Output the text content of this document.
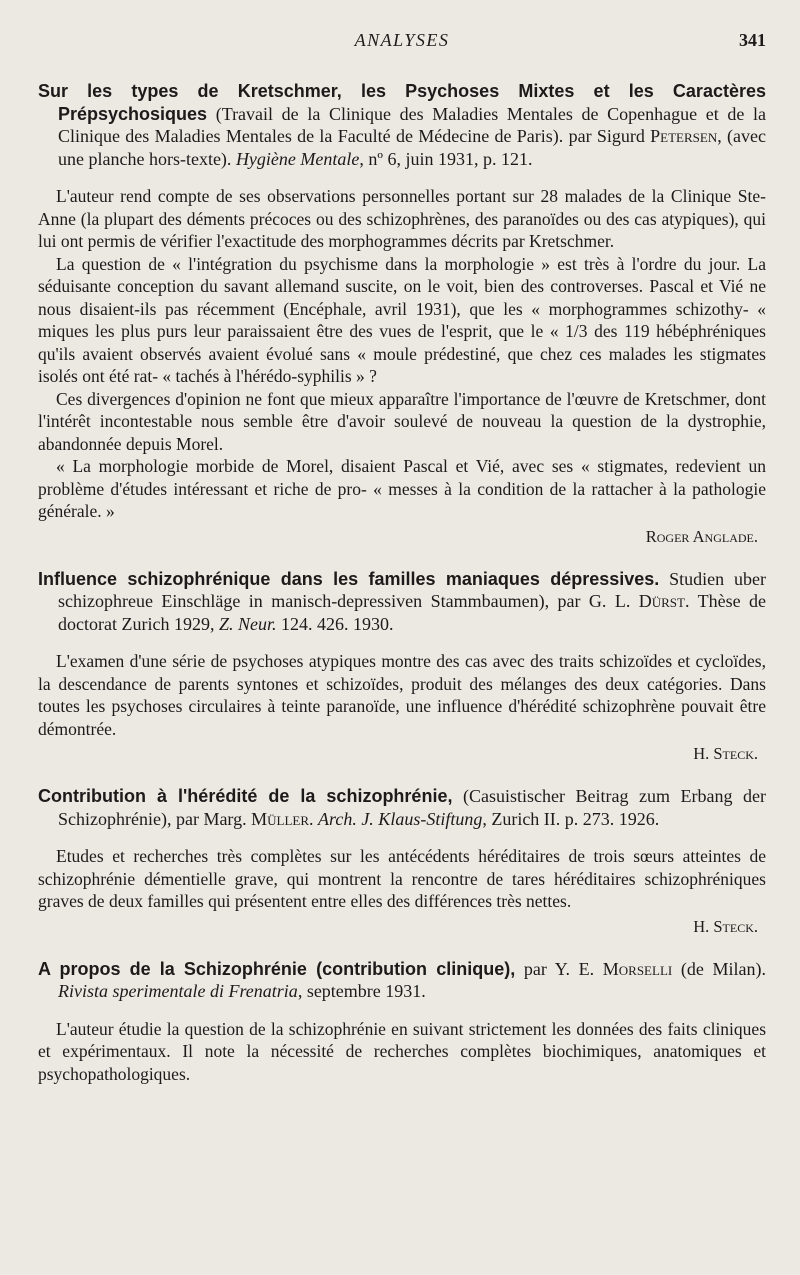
ANALYSES	341
Sur les types de Kretschmer, les Psychoses Mixtes et les Caractères Prépsychosiques (Travail de la Clinique des Maladies Mentales de Copenhague et de la Clinique des Maladies Mentales de la Faculté de Médecine de Paris). par Sigurd Petersen, (avec une planche hors-texte). Hygiène Mentale, nº 6, juin 1931, p. 121.

L'auteur rend compte de ses observations personnelles portant sur 28 malades de la Clinique Ste-Anne (la plupart des déments précoces ou des schizophrènes, des paranoïdes ou des cas atypiques), qui lui ont permis de vérifier l'exactitude des morphogrammes décrits par Kretschmer.

La question de « l'intégration du psychisme dans la morphologie » est très à l'ordre du jour. La séduisante conception du savant allemand suscite, on le voit, bien des controverses. Pascal et Vié ne nous disaient-ils pas récemment (Encéphale, avril 1931), que les « morphogrammes schizothy- « miques les plus purs leur paraissaient être des vues de l'esprit, que le « 1/3 des 119 hébéphréniques qu'ils avaient observés avaient évolué sans « moule prédestiné, que chez ces malades les stigmates isolés ont été rat- « tachés à l'hérédo-syphilis » ?

Ces divergences d'opinion ne font que mieux apparaître l'importance de l'œuvre de Kretschmer, dont l'intérêt incontestable nous semble être d'avoir soulevé de nouveau la question de la dystrophie, abandonnée depuis Morel.

« La morphologie morbide de Morel, disaient Pascal et Vié, avec ses « stigmates, redevient un problème d'études intéressant et riche de pro- « messes à la condition de la rattacher à la pathologie générale. »

Roger Anglade.
Influence schizophrénique dans les familles maniaques dépressives. Studien uber schizophreue Einschläge in manisch-depressiven Stammbaumen), par G. L. Dürst. Thèse de doctorat Zurich 1929, Z. Neur. 124. 426. 1930.

L'examen d'une série de psychoses atypiques montre des cas avec des traits schizoïdes et cycloïdes, la descendance de parents syntones et schizoïdes, produit des mélanges des deux catégories. Dans toutes les psychoses circulaires à teinte paranoïde, une influence d'hérédité schizophrène pouvait être démontrée.

H. Steck.
Contribution à l'hérédité de la schizophrénie, (Casuistischer Beitrag zum Erbang der Schizophrénie), par Marg. Müller. Arch. J. Klaus-Stiftung, Zurich II. p. 273. 1926.

Etudes et recherches très complètes sur les antécédents héréditaires de trois sœurs atteintes de schizophrénie démentielle grave, qui montrent la rencontre de tares héréditaires schizophréniques graves de deux familles qui présentent entre elles des différences très nettes.

H. Steck.
A propos de la Schizophrénie (contribution clinique), par Y. E. Morselli (de Milan). Rivista sperimentale di Frenatria, septembre 1931.

L'auteur étudie la question de la schizophrénie en suivant strictement les données des faits cliniques et expérimentaux. Il note la nécessité de recherches complètes biochimiques, anatomiques et psychopathologiques.
